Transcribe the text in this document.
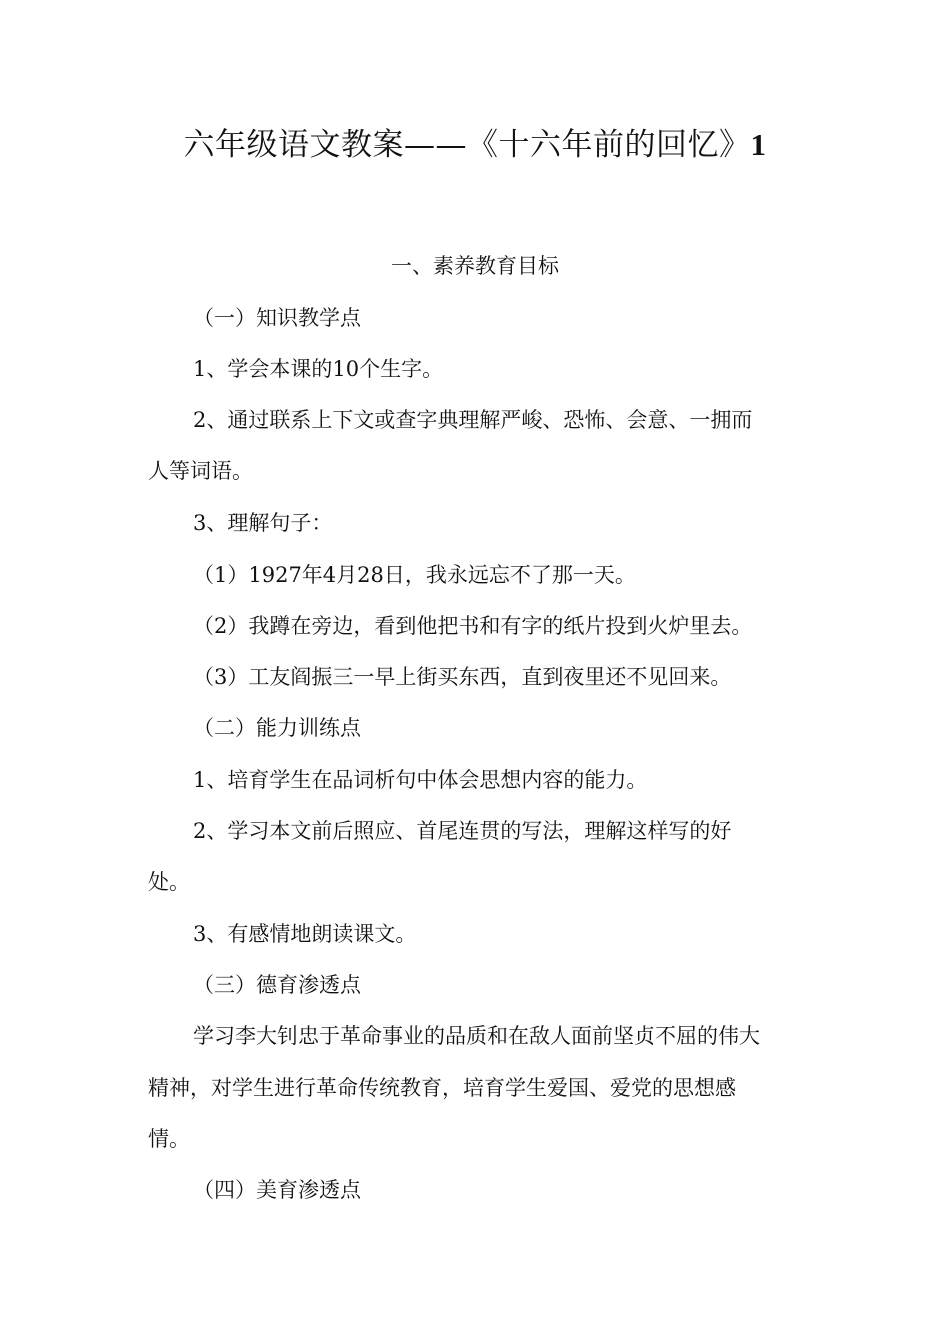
六年级语文教案——《十六年前的回忆》1
一、素养教育目标
（一）知识教学点
1、学会本课的10个生字。
2、通过联系上下文或查字典理解严峻、恐怖、会意、一拥而
人等词语。
3、理解句子：
（1）1927年4月28日，我永远忘不了那一天。
（2）我蹲在旁边，看到他把书和有字的纸片投到火炉里去。
（3）工友阎振三一早上街买东西，直到夜里还不见回来。
（二）能力训练点
1、培育学生在品词析句中体会思想内容的能力。
2、学习本文前后照应、首尾连贯的写法，理解这样写的好
处。
3、有感情地朗读课文。
（三）德育渗透点
学习李大钊忠于革命事业的品质和在敌人面前坚贞不屈的伟大
精神，对学生进行革命传统教育，培育学生爱国、爱党的思想感
情。
（四）美育渗透点
